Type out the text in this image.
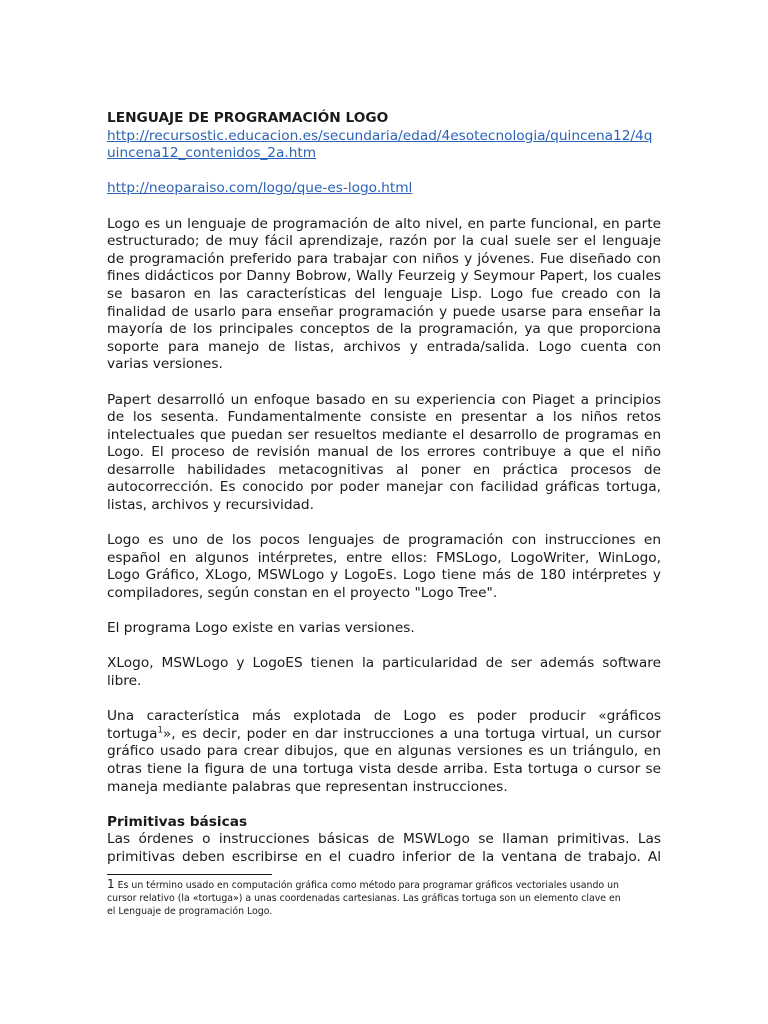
LENGUAJE DE PROGRAMACIÓN LOGO

http://recursostic.educacion.es/secundaria/edad/4esotecnologia/quincena12/4q
uincena12_contenidos_2a.htm
http://neoparaiso.com/logo/que-es-logo.html

Logo es un lenguaje de programación de alto nivel, en parte funcional, en parte

estructurado; de muy fácil aprendizaje, razón por la cual suele ser el lenguaje

de programación preferido para trabajar con niños y jóvenes. Fue diseñado con

fines didácticos por Danny Bobrow, Wally Feurzeig y Seymour Papert, los cuales

se basaron en las características del lenguaje Lisp. Logo fue creado con la

finalidad de usarlo para enseñar programación y puede usarse para enseñar la

mayoría de los principales conceptos de la programación, ya que proporciona

soporte para manejo de listas, archivos y entrada/salida. Logo cuenta con

varias versiones.

Papert desarrolló un enfoque basado en su experiencia con Piaget a principios

de los sesenta. Fundamentalmente consiste en presentar a los niños retos

intelectuales que puedan ser resueltos mediante el desarrollo de programas en

Logo. El proceso de revisión manual de los errores contribuye a que el niño

desarrolle habilidades metacognitivas al poner en práctica procesos de

autocorrección. Es conocido por poder manejar con facilidad gráficas tortuga,

listas, archivos y recursividad.

Logo es uno de los pocos lenguajes de programación con instrucciones en

español en algunos intérpretes, entre ellos: FMSLogo, LogoWriter, WinLogo,

Logo Gráfico, XLogo, MSWLogo y LogoEs. Logo tiene más de 180 intérpretes y

compiladores, según constan en el proyecto "Logo Tree".

El programa Logo existe en varias versiones.

XLogo, MSWLogo y LogoES tienen la particularidad de ser además software

libre.

Una característica más explotada de Logo es poder producir «gráficos

tortuga$^1$», es decir, poder en dar instrucciones a una tortuga virtual, un cursor

gráfico usado para crear dibujos, que en algunas versiones es un triángulo, en

otras tiene la figura de una tortuga vista desde arriba. Esta tortuga o cursor se

maneja mediante palabras que representan instrucciones.

Primitivas básicas

Las órdenes o instrucciones básicas de MSWLogo se llaman primitivas. Las

primitivas deben escribirse en el cuadro inferior de la ventana de trabajo. Al

1 Es un término usado en computación gráfica como método para programar gráficos vectoriales usando un

cursor relativo (la «tortuga») a unas coordenadas cartesianas. Las gráficas tortuga son un elemento clave en

el Lenguaje de programación Logo.
